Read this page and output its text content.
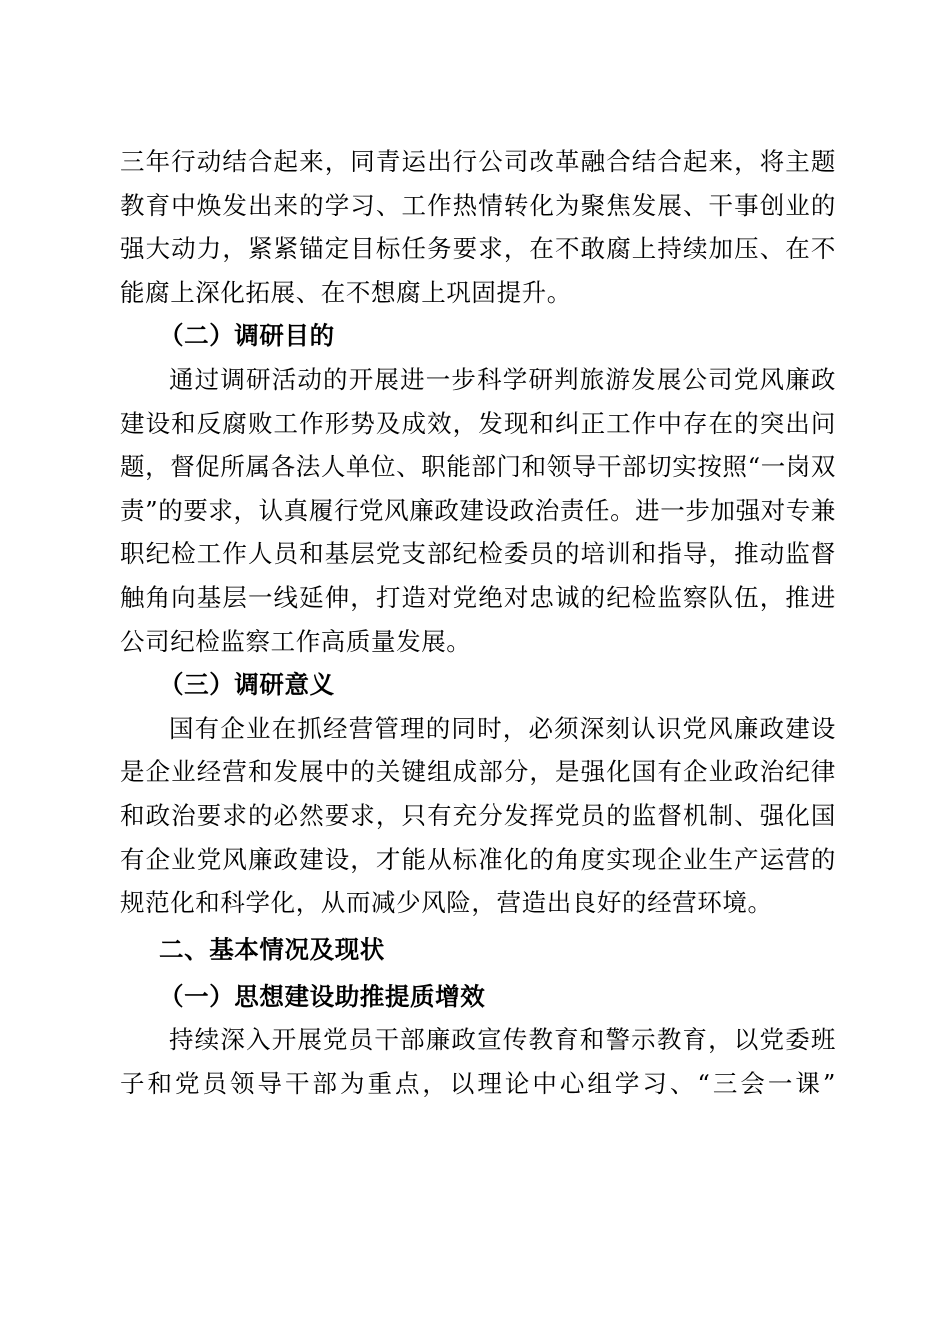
三年行动结合起来，同青运出行公司改革融合结合起来，将主题教育中焕发出来的学习、工作热情转化为聚焦发展、干事创业的强大动力，紧紧锚定目标任务要求，在不敢腐上持续加压、在不能腐上深化拓展、在不想腐上巩固提升。

（二）调研目的

通过调研活动的开展进一步科学研判旅游发展公司党风廉政建设和反腐败工作形势及成效，发现和纠正工作中存在的突出问题，督促所属各法人单位、职能部门和领导干部切实按照“一岗双责”的要求，认真履行党风廉政建设政治责任。进一步加强对专兼职纪检工作人员和基层党支部纪检委员的培训和指导，推动监督触角向基层一线延伸，打造对党绝对忠诚的纪检监察队伍，推进公司纪检监察工作高质量发展。

（三）调研意义

国有企业在抓经营管理的同时，必须深刻认识党风廉政建设是企业经营和发展中的关键组成部分，是强化国有企业政治纪律和政治要求的必然要求，只有充分发挥党员的监督机制、强化国有企业党风廉政建设，才能从标准化的角度实现企业生产运营的规范化和科学化，从而减少风险，营造出良好的经营环境。

二、基本情况及现状

（一）思想建设助推提质增效

持续深入开展党员干部廉政宣传教育和警示教育，以党委班子和党员领导干部为重点，以理论中心组学习、“三会一课”
